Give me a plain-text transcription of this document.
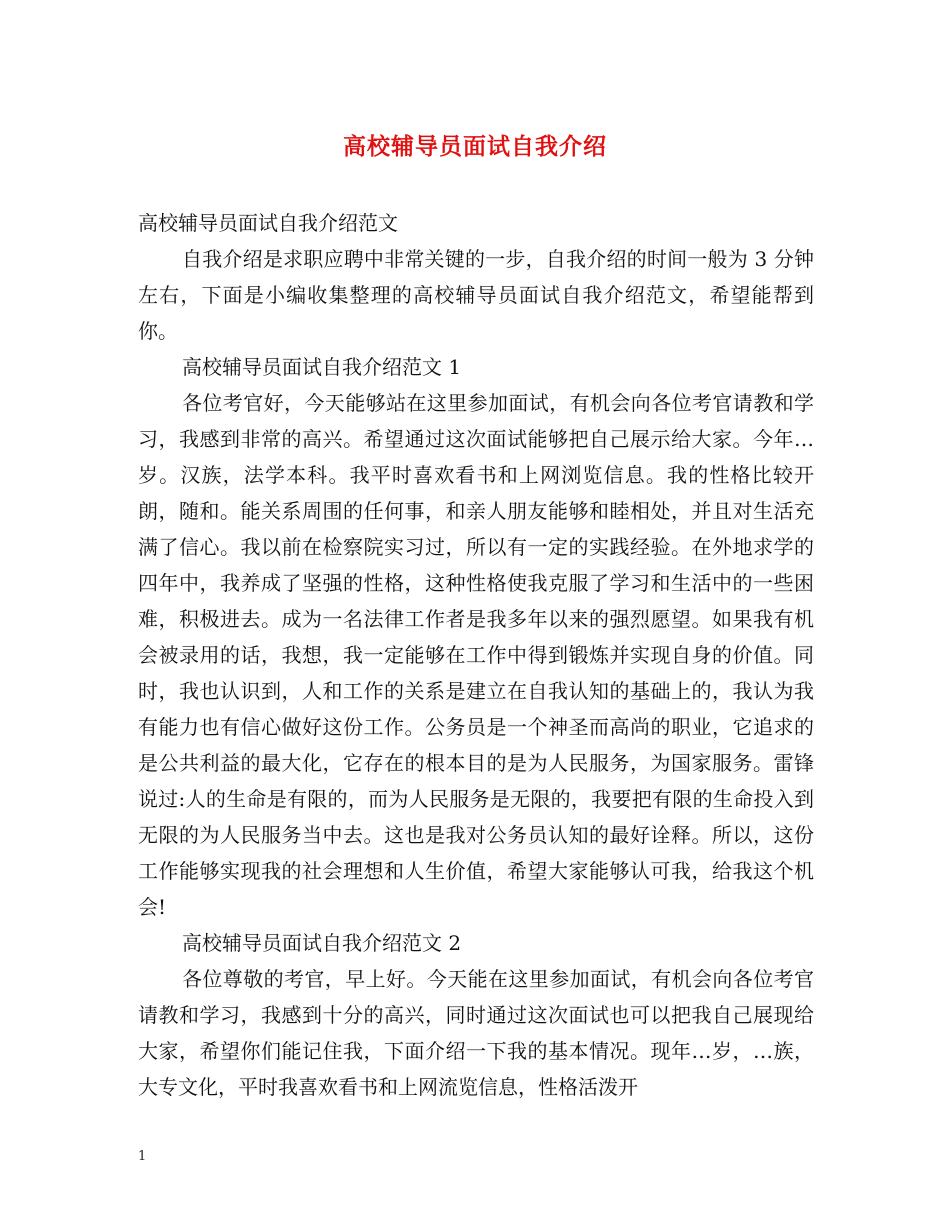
高校辅导员面试自我介绍

高校辅导员面试自我介绍范文

自我介绍是求职应聘中非常关键的一步，自我介绍的时间一般为 3 分钟左右，下面是小编收集整理的高校辅导员面试自我介绍范文，希望能帮到你。

高校辅导员面试自我介绍范文 1

各位考官好，今天能够站在这里参加面试，有机会向各位考官请教和学习，我感到非常的高兴。希望通过这次面试能够把自己展示给大家。今年…岁。汉族，法学本科。我平时喜欢看书和上网浏览信息。我的性格比较开朗，随和。能关系周围的任何事，和亲人朋友能够和睦相处，并且对生活充满了信心。我以前在检察院实习过，所以有一定的实践经验。在外地求学的四年中，我养成了坚强的性格，这种性格使我克服了学习和生活中的一些困难，积极进去。成为一名法律工作者是我多年以来的强烈愿望。如果我有机会被录用的话，我想，我一定能够在工作中得到锻炼并实现自身的价值。同时，我也认识到，人和工作的关系是建立在自我认知的基础上的，我认为我有能力也有信心做好这份工作。公务员是一个神圣而高尚的职业，它追求的是公共利益的最大化，它存在的根本目的是为人民服务，为国家服务。雷锋说过:人的生命是有限的，而为人民服务是无限的，我要把有限的生命投入到无限的为人民服务当中去。这也是我对公务员认知的最好诠释。所以，这份工作能够实现我的社会理想和人生价值，希望大家能够认可我，给我这个机会!

高校辅导员面试自我介绍范文 2

各位尊敬的考官，早上好。今天能在这里参加面试，有机会向各位考官请教和学习，我感到十分的高兴，同时通过这次面试也可以把我自己展现给大家，希望你们能记住我，下面介绍一下我的基本情况。现年…岁，…族，大专文化，平时我喜欢看书和上网流览信息，性格活泼开

1
